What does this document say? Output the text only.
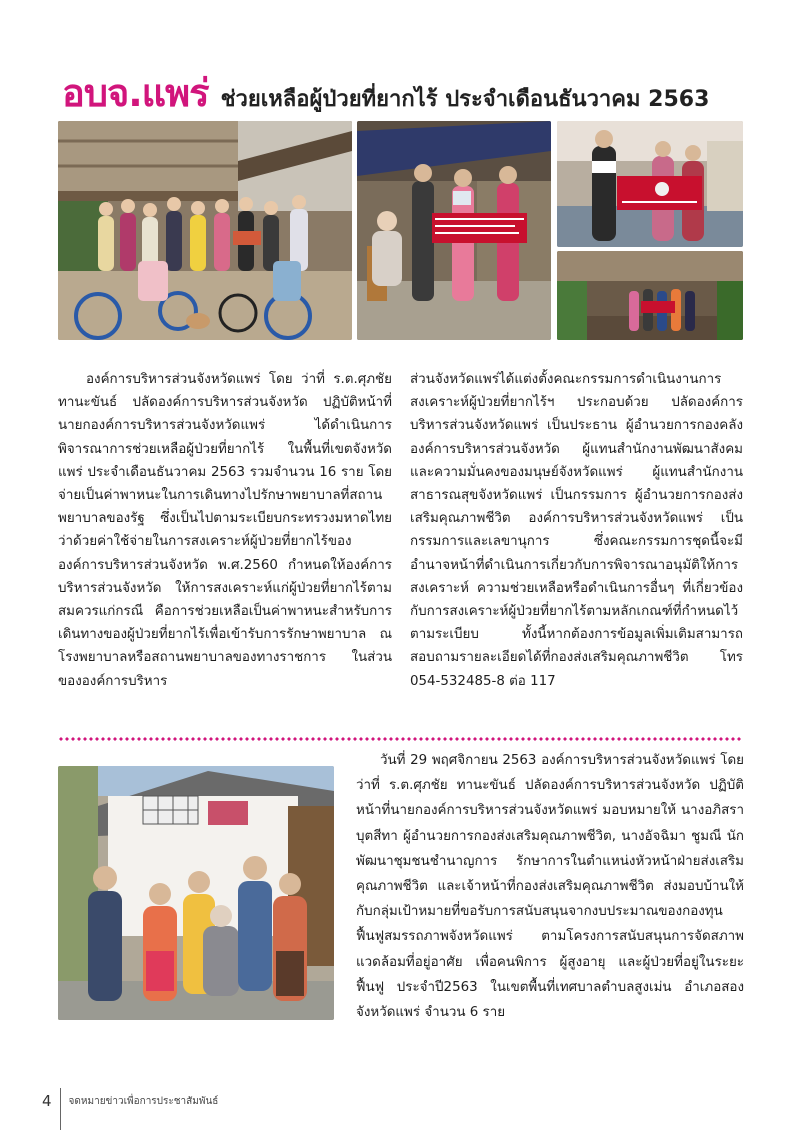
อบจ.แพร่ ช่วยเหลือผู้ป่วยที่ยากไร้ ประจำเดือนธันวาคม 2563
องค์การบริหารส่วนจังหวัดแพร่ โดย ว่าที่ ร.ต.ศุภชัย ทานะขันธ์ ปลัดองค์การบริหารส่วนจังหวัด ปฏิบัติหน้าที่นายกองค์การบริหารส่วนจังหวัดแพร่ ได้ดำเนินการพิจารณาการช่วยเหลือผู้ป่วยที่ยากไร้ ในพื้นที่เขตจังหวัดแพร่ ประจำเดือนธันวาคม 2563 รวมจำนวน 16 ราย โดยจ่ายเป็นค่าพาหนะในการเดินทางไปรักษาพยาบาลที่สถานพยาบาลของรัฐ ซึ่งเป็นไปตามระเบียบกระทรวงมหาดไทยว่าด้วยค่าใช้จ่ายในการสงเคราะห์ผู้ป่วยที่ยากไร้ขององค์การบริหารส่วนจังหวัด พ.ศ.2560 กำหนดให้องค์การบริหารส่วนจังหวัด ให้การสงเคราะห์แก่ผู้ป่วยที่ยากไร้ตามสมควรแก่กรณี คือการช่วยเหลือเป็นค่าพาหนะสำหรับการเดินทางของผู้ป่วยที่ยากไร้เพื่อเข้ารับการรักษาพยาบาล ณ โรงพยาบาลหรือสถานพยาบาลของทางราชการ ในส่วนขององค์การบริหาร
ส่วนจังหวัดแพร่ได้แต่งตั้งคณะกรรมการดำเนินงานการสงเคราะห์ผู้ป่วยที่ยากไร้ฯ ประกอบด้วย ปลัดองค์การบริหารส่วนจังหวัดแพร่ เป็นประธาน ผู้อำนวยการกองคลังองค์การบริหารส่วนจังหวัด ผู้แทนสำนักงานพัฒนาสังคมและความมั่นคงของมนุษย์จังหวัดแพร่ ผู้แทนสำนักงานสาธารณสุขจังหวัดแพร่ เป็นกรรมการ ผู้อำนวยการกองส่งเสริมคุณภาพชีวิต องค์การบริหารส่วนจังหวัดแพร่ เป็นกรรมการและเลขานุการ ซึ่งคณะกรรมการชุดนี้จะมีอำนาจหน้าที่ดำเนินการเกี่ยวกับการพิจารณาอนุมัติให้การสงเคราะห์ ความช่วยเหลือหรือดำเนินการอื่นๆ ที่เกี่ยวข้องกับการสงเคราะห์ผู้ป่วยที่ยากไร้ตามหลักเกณฑ์ที่กำหนดไว้ตามระเบียบ ทั้งนี้หากต้องการข้อมูลเพิ่มเติมสามารถสอบถามรายละเอียดได้ที่กองส่งเสริมคุณภาพชีวิต โทร 054-532485-8 ต่อ 117
วันที่ 29 พฤศจิกายน 2563 องค์การบริหารส่วนจังหวัดแพร่ โดย ว่าที่ ร.ต.ศุภชัย ทานะขันธ์ ปลัดองค์การบริหารส่วนจังหวัด ปฏิบัติหน้าที่นายกองค์การบริหารส่วนจังหวัดแพร่ มอบหมายให้ นางอภิสรา บุตสีทา ผู้อำนวยการกองส่งเสริมคุณภาพชีวิต, นางอัจฉิมา ชูมณี นักพัฒนาชุมชนชำนาญการ รักษาการในตำแหน่งหัวหน้าฝ่ายส่งเสริมคุณภาพชีวิต และเจ้าหน้าที่กองส่งเสริมคุณภาพชีวิต ส่งมอบบ้านให้กับกลุ่มเป้าหมายที่ขอรับการสนับสนุนจากงบประมาณของกองทุนฟื้นฟูสมรรถภาพจังหวัดแพร่ ตามโครงการสนับสนุนการจัดสภาพแวดล้อมที่อยู่อาศัย เพื่อคนพิการ ผู้สูงอายุ และผู้ป่วยที่อยู่ในระยะฟื้นฟู ประจำปี2563 ในเขตพื้นที่เทศบาลตำบลสูงเม่น อำเภอสอง จังหวัดแพร่ จำนวน 6 ราย
4 จดหมายข่าวเพื่อการประชาสัมพันธ์
